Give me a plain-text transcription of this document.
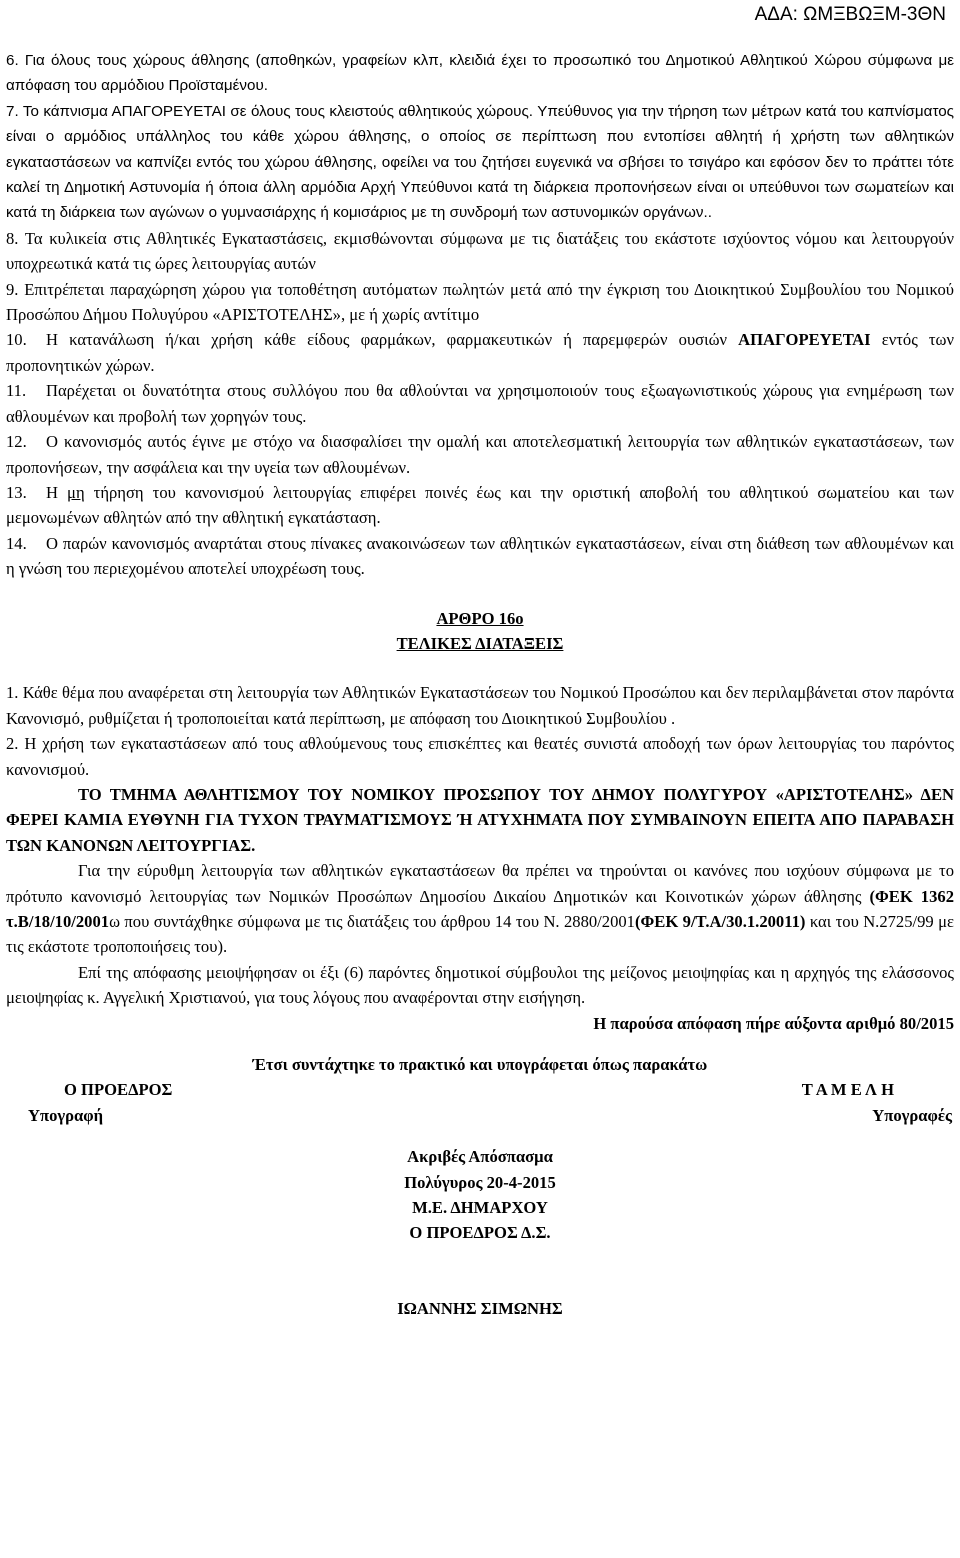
ΑΔΑ: ΩΜΞΒΩΞΜ-3ΘΝ

6. Για όλους τους χώρους άθλησης (αποθηκών, γραφείων κλπ, κλειδιά έχει το προσωπικό του Δημοτικού Αθλητικού Χώρου σύμφωνα με απόφαση του αρμόδιου Προϊσταμένου.

7. Το κάπνισμα ΑΠΑΓΟΡΕΥΕΤΑΙ σε όλους τους κλειστούς αθλητικούς χώρους. Υπεύθυνος για την τήρηση των μέτρων κατά του καπνίσματος είναι ο αρμόδιος υπάλληλος του κάθε χώρου άθλησης, ο οποίος σε περίπτωση που εντοπίσει αθλητή ή χρήστη των αθλητικών εγκαταστάσεων να καπνίζει εντός του χώρου άθλησης, οφείλει να του ζητήσει ευγενικά να σβήσει το τσιγάρο και εφόσον δεν το πράττει τότε καλεί τη Δημοτική Αστυνομία ή όποια άλλη αρμόδια Αρχή Υπεύθυνοι κατά τη διάρκεια προπονήσεων είναι οι υπεύθυνοι των σωματείων και κατά τη διάρκεια των αγώνων ο γυμνασιάρχης ή κομισάριος με τη συνδρομή των αστυνομικών οργάνων..

8. Τα κυλικεία στις Αθλητικές Εγκαταστάσεις, εκμισθώνονται σύμφωνα με τις διατάξεις του εκάστοτε ισχύοντος νόμου και λειτουργούν υποχρεωτικά κατά τις ώρες λειτουργίας αυτών

9. Επιτρέπεται παραχώρηση χώρου για τοποθέτηση αυτόματων πωλητών μετά από την έγκριση του Διοικητικού Συμβουλίου του Νομικού Προσώπου Δήμου Πολυγύρου «ΑΡΙΣΤΟΤΕΛΗΣ», με ή χωρίς αντίτιμο

10. Η κατανάλωση ή/και χρήση κάθε είδους φαρμάκων, φαρμακευτικών ή παρεμφερών ουσιών ΑΠΑΓΟΡΕΥΕΤΑΙ εντός των προπονητικών χώρων.

11. Παρέχεται οι δυνατότητα στους συλλόγου που θα αθλούνται να χρησιμοποιούν τους εξωαγωνιστικούς χώρους για ενημέρωση των αθλουμένων και προβολή των χορηγών τους.

12. Ο κανονισμός αυτός έγινε με στόχο να διασφαλίσει την ομαλή και αποτελεσματική λειτουργία των αθλητικών εγκαταστάσεων, των προπονήσεων, την ασφάλεια και την υγεία των αθλουμένων.

13. Η μη τήρηση του κανονισμού λειτουργίας επιφέρει ποινές έως και την οριστική αποβολή του αθλητικού σωματείου και των μεμονωμένων αθλητών από την αθλητική εγκατάσταση.

14. Ο παρών κανονισμός αναρτάται στους πίνακες ανακοινώσεων των αθλητικών εγκαταστάσεων, είναι στη διάθεση των αθλουμένων και η γνώση του περιεχομένου αποτελεί υποχρέωση τους.

ΑΡΘΡΟ 16ο

ΤΕΛΙΚΕΣ ΔΙΑΤΑΞΕΙΣ

1. Κάθε θέμα που αναφέρεται στη λειτουργία των Αθλητικών Εγκαταστάσεων του Νομικού Προσώπου και δεν περιλαμβάνεται στον παρόντα Κανονισμό, ρυθμίζεται ή τροποποιείται κατά περίπτωση, με απόφαση του Διοικητικού Συμβουλίου .

2. Η χρήση των εγκαταστάσεων από τους αθλούμενους τους επισκέπτες και θεατές συνιστά αποδοχή των όρων λειτουργίας του παρόντος κανονισμού.

ΤΟ ΤΜΗΜΑ ΑΘΛΗΤΙΣΜΟΥ ΤΟΥ ΝΟΜΙΚΟΥ ΠΡΟΣΩΠΟΥ ΤΟΥ ΔΗΜΟΥ ΠΟΛΥΓΥΡΟΥ «ΑΡΙΣΤΟΤΕΛΗΣ» ΔΕΝ ΦΕΡΕΙ ΚΑΜΙΑ ΕΥΘΥΝΗ ΓΙΑ ΤΥΧΟΝ ΤΡΑΥΜΑΤΊΣΜΟΥΣ Ή ΑΤΥΧΗΜΑΤΑ ΠΟΥ ΣΥΜΒΑΙΝΟΥΝ ΕΠΕΙΤΑ ΑΠΟ ΠΑΡΑΒΑΣΗ ΤΩΝ ΚΑΝΟΝΩΝ ΛΕΙΤΟΥΡΓΙΑΣ.

Για την εύρυθμη λειτουργία των αθλητικών εγκαταστάσεων θα πρέπει να τηρούνται οι κανόνες που ισχύουν σύμφωνα με το πρότυπο κανονισμό λειτουργίας των Νομικών Προσώπων Δημοσίου Δικαίου Δημοτικών και Κοινοτικών χώρων άθλησης (ΦΕΚ 1362 τ.Β/18/10/2001ω που συντάχθηκε σύμφωνα με τις διατάξεις του άρθρου 14 του Ν. 2880/2001(ΦΕΚ 9/Τ.Α/30.1.20011) και του Ν.2725/99 με τις εκάστοτε τροποποιήσεις του).

Επί της απόφασης μειοψήφησαν οι έξι (6) παρόντες δημοτικοί σύμβουλοι της μείζονος μειοψηφίας και η αρχηγός της ελάσσονος μειοψηφίας κ. Αγγελική Χριστιανού, για τους λόγους που αναφέρονται στην εισήγηση.

Η παρούσα απόφαση πήρε αύξοντα αριθμό 80/2015

Έτσι συντάχτηκε το πρακτικό και υπογράφεται όπως παρακάτω

Ο ΠΡΟΕΔΡΟΣ	Τ Α Μ Ε Λ Η
Υπογραφή	Υπογραφές

Ακριβές Απόσπασμα

Πολύγυρος 20-4-2015

Μ.Ε. ΔΗΜΑΡΧΟΥ

Ο ΠΡΟΕΔΡΟΣ Δ.Σ.

ΙΩΑΝΝΗΣ ΣΙΜΩΝΗΣ
